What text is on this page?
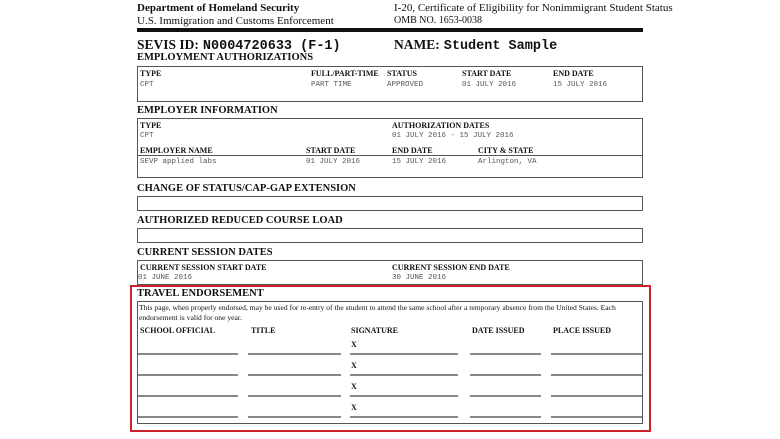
Department of Homeland Security
U.S. Immigration and Customs Enforcement
I-20, Certificate of Eligibility for Nonimmigrant Student Status
OMB NO. 1653-0038
SEVIS ID: N0004720633 (F-1)	NAME: Student Sample
EMPLOYMENT AUTHORIZATIONS
TYPE	FULL/PART-TIME STATUS	START DATE	END DATE
CPT	PART TIME	APPROVED	01 JULY 2016	15 JULY 2016
EMPLOYER INFORMATION
TYPE
CPT
AUTHORIZATION DATES
01 JULY 2016 - 15 JULY 2016
EMPLOYER NAME	START DATE	END DATE	CITY & STATE
SEVP applied labs	01 JULY 2016	15 JULY 2016	Arlington, VA
CHANGE OF STATUS/CAP-GAP EXTENSION
AUTHORIZED REDUCED COURSE LOAD
CURRENT SESSION DATES
CURRENT SESSION START DATE
01 JUNE 2016
CURRENT SESSION END DATE
30 JUNE 2016
TRAVEL ENDORSEMENT
This page, when properly endorsed, may be used for re-entry of the student to attend the same school after a temporary absence from the United States. Each endorsement is valid for one year.
SCHOOL OFFICIAL	TITLE	SIGNATURE	DATE ISSUED	PLACE ISSUED
X
X
X
X
